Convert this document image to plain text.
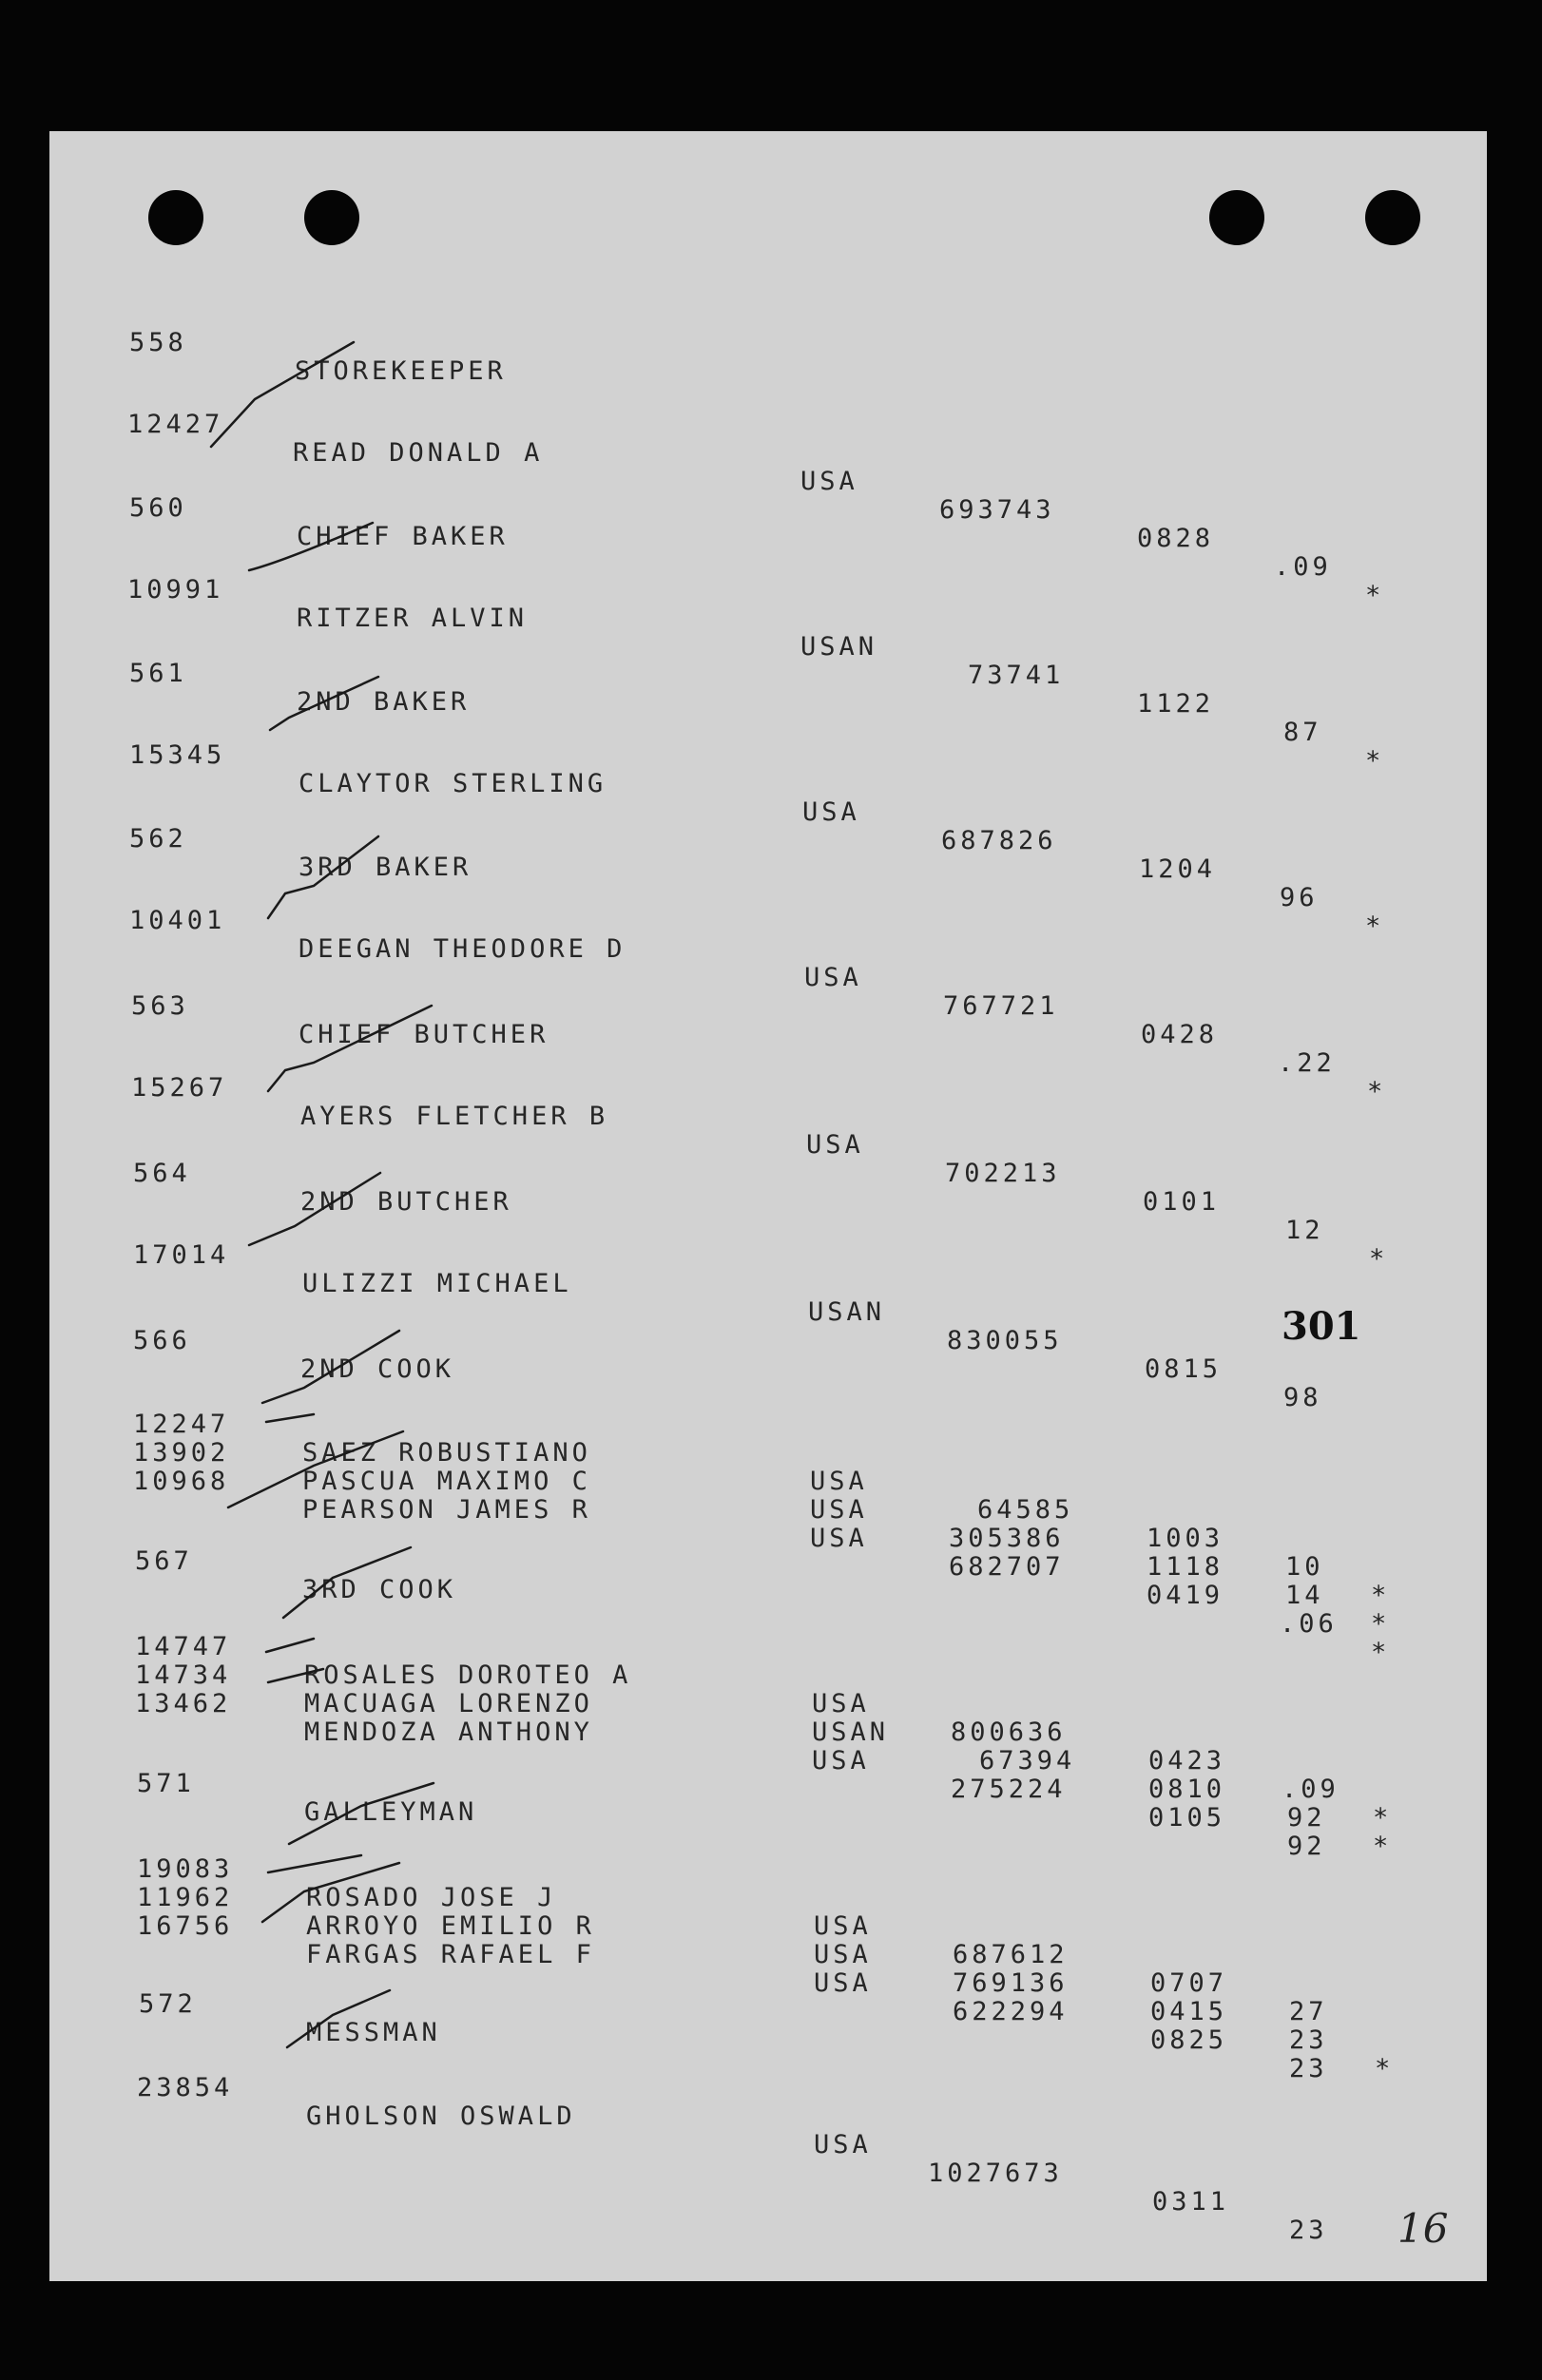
558

STOREKEEPER

560

CHIEF BAKER

561

2ND BAKER

562

3RD BAKER

563

CHIEF BUTCHER

564

2ND BUTCHER

566

2ND COOK

567

3RD COOK

571

GALLEYMAN

572

MESSMAN

12427

READ DONALD A

USA

693743

0828

.09

*

10991

RITZER ALVIN

USAN

73741

1122

87

*

15345

CLAYTOR STERLING

USA

687826

1204

96

*

10401

DEEGAN THEODORE D

USA

767721

0428

.22

*

15267

AYERS FLETCHER B

USA

702213

0101

12

*

17014

ULIZZI MICHAEL

USAN

830055

0815

98

12247

SAEZ ROBUSTIANO

USA

64585

1003

10

*

13902

PASCUA MAXIMO C

USA

305386

1118

14

*

10968

PEARSON JAMES R

USA

682707

0419

.06

*

14747

ROSALES DOROTEO A

USA

800636

0423

.09

*

14734

MACUAGA LORENZO

USAN

67394

0810

92

*

13462

MENDOZA ANTHONY

USA

275224

0105

92

19083

ROSADO JOSE J

USA

687612

0707

27

11962

ARROYO EMILIO R

USA

769136

0415

23

*

16756

FARGAS RAFAEL F

USA

622294

0825

23

23854

GHOLSON OSWALD

USA

1027673

0311

23

301
16
